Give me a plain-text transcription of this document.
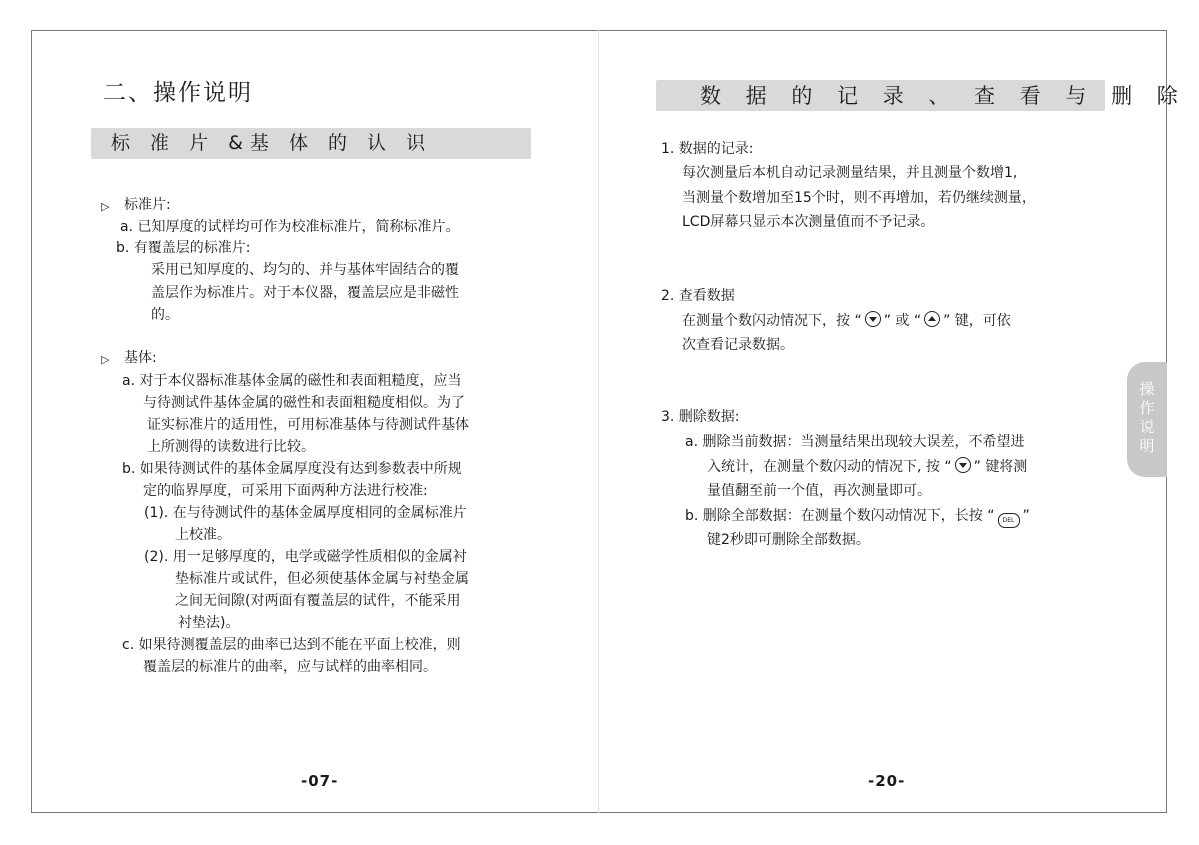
二、操作说明
标 准 片 &基 体 的 认 识
▷ 标准片:
a. 已知厚度的试样均可作为校准标准片，简称标准片。
b. 有覆盖层的标准片:
采用已知厚度的、均匀的、并与基体牢固结合的覆
盖层作为标准片。对于本仪器，覆盖层应是非磁性
的。
▷ 基体:
a. 对于本仪器标准基体金属的磁性和表面粗糙度，应当
与待测试件基体金属的磁性和表面粗糙度相似。为了
证实标准片的适用性，可用标准基体与待测试件基体
上所测得的读数进行比较。
b. 如果待测试件的基体金属厚度没有达到参数表中所规
定的临界厚度，可采用下面两种方法进行校准:
(1). 在与待测试件的基体金属厚度相同的金属标准片
上校准。
(2). 用一足够厚度的，电学或磁学性质相似的金属衬
垫标准片或试件，但必须使基体金属与衬垫金属
之间无间隙(对两面有覆盖层的试件，不能采用
衬垫法)。
c. 如果待测覆盖层的曲率已达到不能在平面上校准，则
覆盖层的标准片的曲率，应与试样的曲率相同。
-07-
数 据 的 记 录 、 查 看 与 删 除
1. 数据的记录:
每次测量后本机自动记录测量结果，并且测量个数增1,
当测量个数增加至15个时，则不再增加，若仍继续测量，
LCD屏幕只显示本次测量值而不予记录。
2. 查看数据
在测量个数闪动情况下，按 “ ” 或 “ ” 键，可依
次查看记录数据。
3. 删除数据:
a. 删除当前数据：当测量结果出现较大误差，不希望进
入统计，在测量个数闪动的情况下, 按 “ ” 键将测
量值翻至前一个值，再次测量即可。
b. 删除全部数据：在测量个数闪动情况下，长按 “ DEL ”
键2秒即可删除全部数据。
-20-
操作说明
